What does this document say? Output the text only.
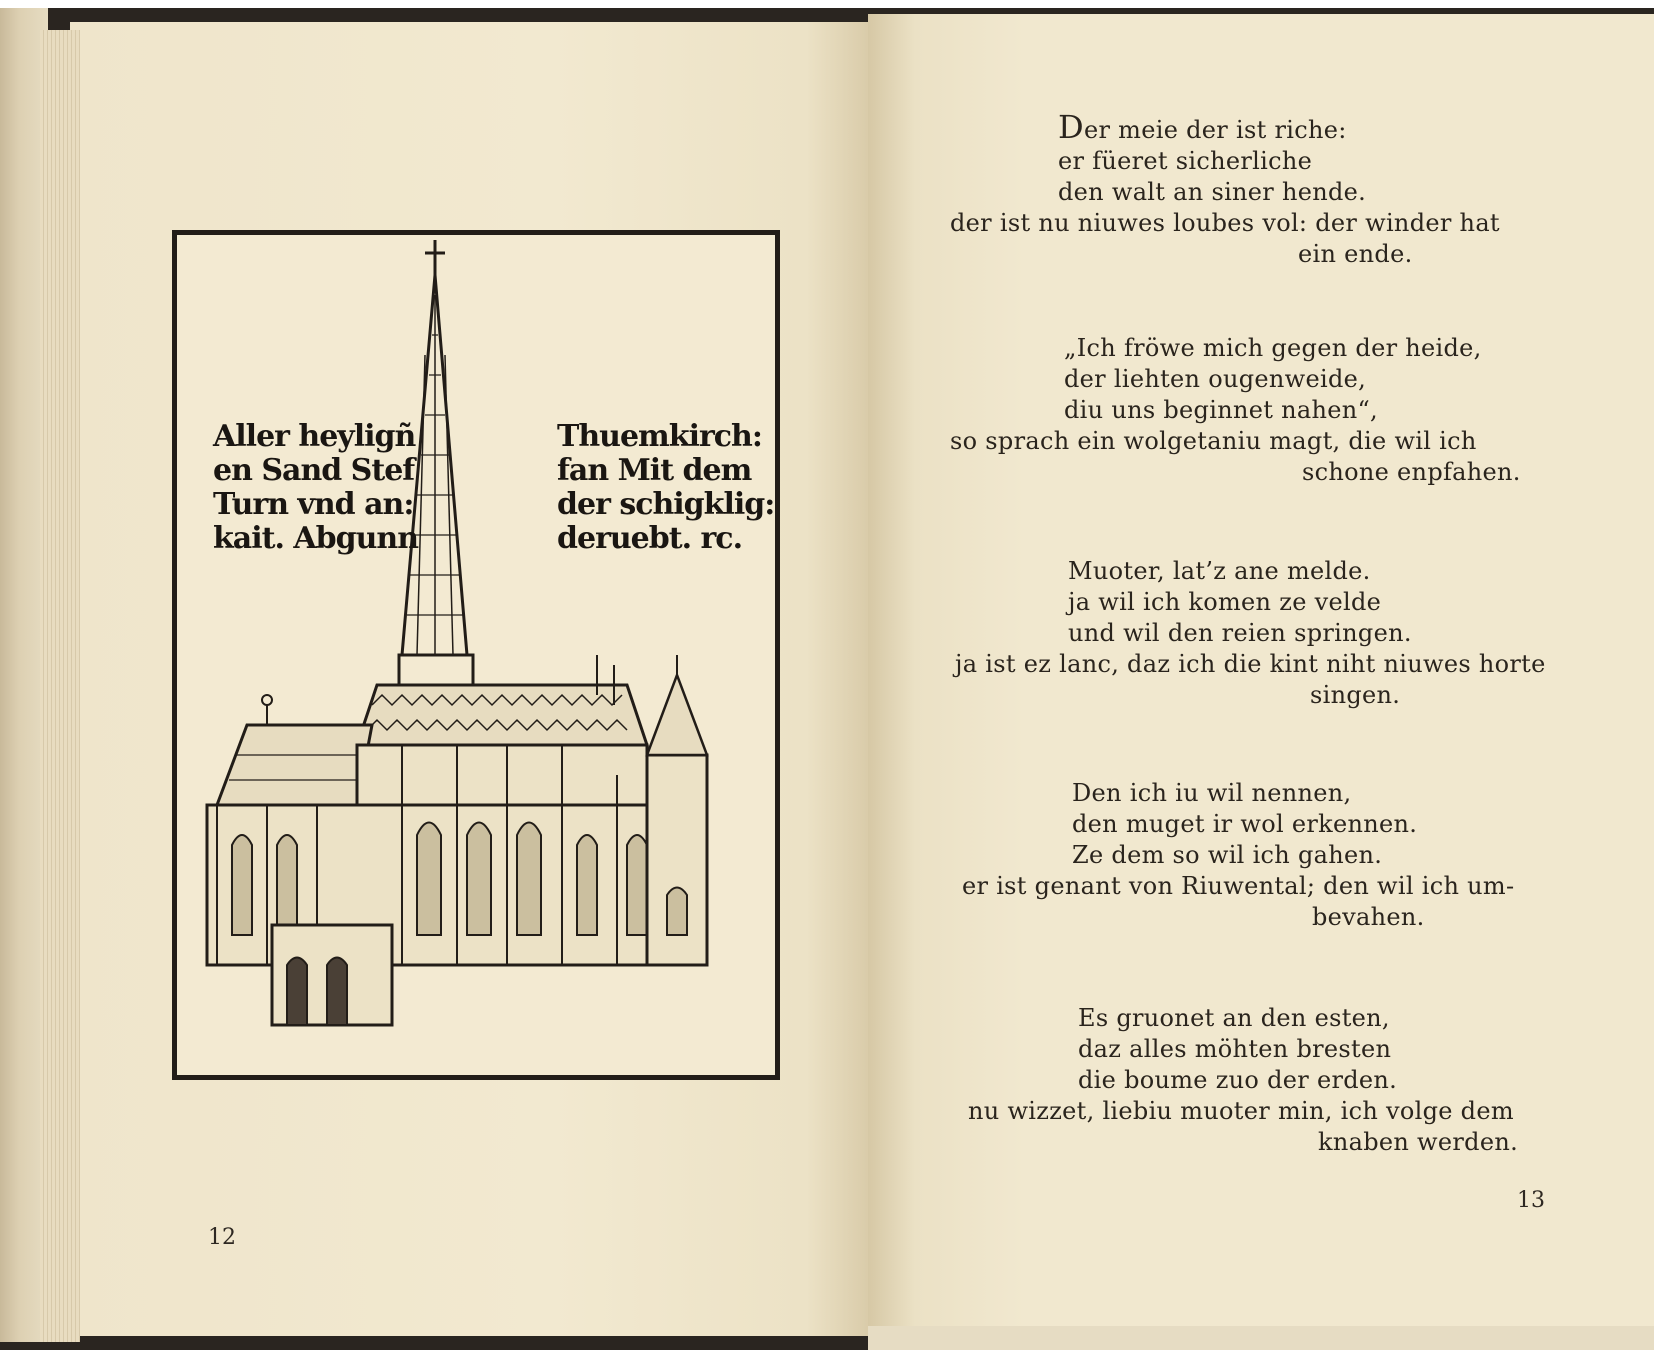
Aller heyligñ
en Sand Stef
Turn vnd an:
kait. Abgunn
Thuemkirch:
fan Mit dem
der schigklig:
deruebt. rc.
12
13
Der meie der ist riche:
er füeret sicherliche
den walt an siner hende.
der ist nu niuwes loubes vol: der winder hat
ein ende.
„Ich fröwe mich gegen der heide,
der liehten ougenweide,
diu uns beginnet nahen“,
so sprach ein wolgetaniu magt, die wil ich
schone enpfahen.
Muoter, lat’z ane melde.
ja wil ich komen ze velde
und wil den reien springen.
ja ist ez lanc, daz ich die kint niht niuwes horte
singen.
Den ich iu wil nennen,
den muget ir wol erkennen.
Ze dem so wil ich gahen.
er ist genant von Riuwental; den wil ich um-
bevahen.
Es gruonet an den esten,
daz alles möhten bresten
die boume zuo der erden.
nu wizzet, liebiu muoter min, ich volge dem
knaben werden.
